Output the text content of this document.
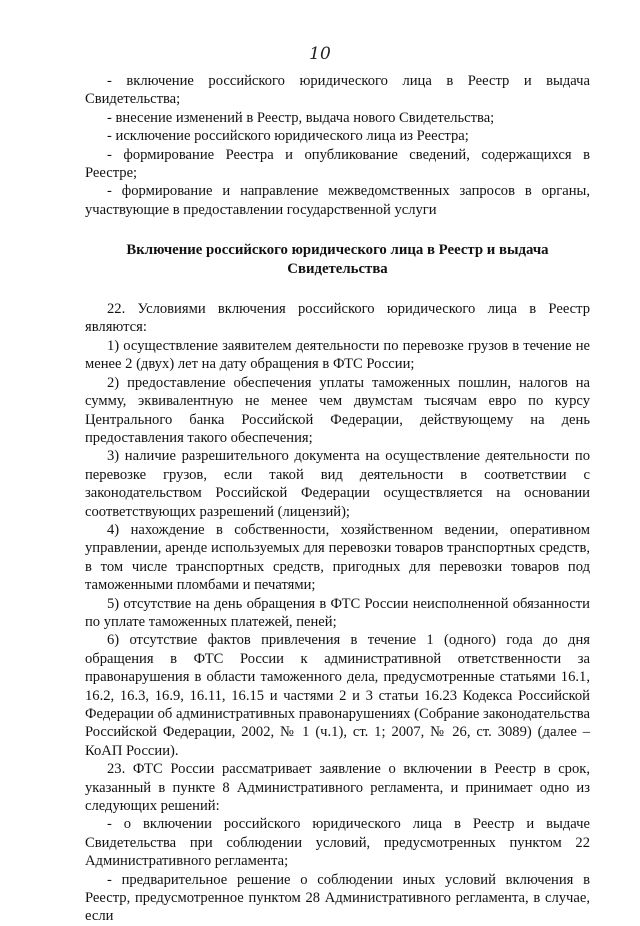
10

- включение российского юридического лица в Реестр и выдача Свидетельства;

- внесение изменений в Реестр, выдача нового Свидетельства;

- исключение российского юридического лица из Реестра;

- формирование Реестра и опубликование сведений, содержащихся в Реестре;

- формирование и направление межведомственных запросов в органы, участвующие в предоставлении государственной услуги

Включение российского юридического лица в Реестр и выдача
Свидетельства

22. Условиями включения российского юридического лица в Реестр являются:

1) осуществление заявителем деятельности по перевозке грузов в течение не менее 2 (двух) лет на дату обращения в ФТС России;

2) предоставление обеспечения уплаты таможенных пошлин, налогов на сумму, эквивалентную не менее чем двумстам тысячам евро по курсу Центрального банка Российской Федерации, действующему на день предоставления такого обеспечения;

3) наличие разрешительного документа на осуществление деятельности по перевозке грузов, если такой вид деятельности в соответствии с законодательством Российской Федерации осуществляется на основании соответствующих разрешений (лицензий);

4) нахождение в собственности, хозяйственном ведении, оперативном управлении, аренде используемых для перевозки товаров транспортных средств, в том числе транспортных средств, пригодных для перевозки товаров под таможенными пломбами и печатями;

5) отсутствие на день обращения в ФТС России неисполненной обязанности по уплате таможенных платежей, пеней;

6) отсутствие фактов привлечения в течение 1 (одного) года до дня обращения в ФТС России к административной ответственности за правонарушения в области таможенного дела, предусмотренные статьями 16.1, 16.2, 16.3, 16.9, 16.11, 16.15 и частями 2 и 3 статьи 16.23 Кодекса Российской Федерации об административных правонарушениях (Собрание законодательства Российской Федерации, 2002, № 1 (ч.1), ст. 1; 2007, № 26, ст. 3089) (далее – КоАП России).

23. ФТС России рассматривает заявление о включении в Реестр в срок, указанный в пункте 8 Административного регламента, и принимает одно из следующих решений:

- о включении российского юридического лица в Реестр и выдаче Свидетельства при соблюдении условий, предусмотренных пунктом 22 Административного регламента;

- предварительное решение о соблюдении иных условий включения в Реестр, предусмотренное пунктом 28 Административного регламента, в случае, если
